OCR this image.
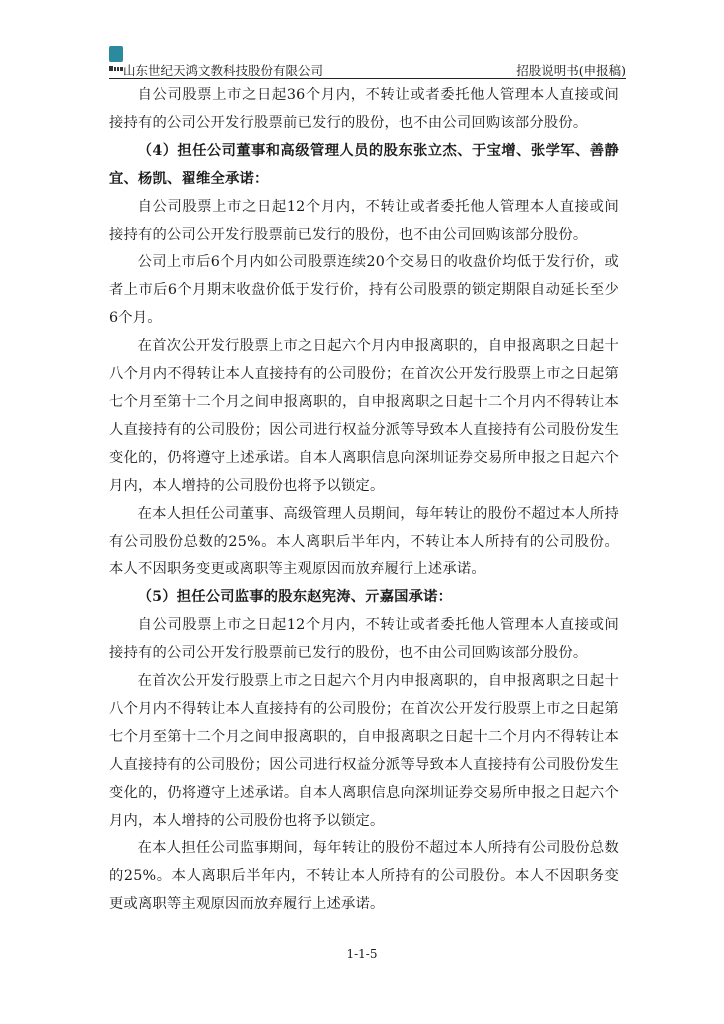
山东世纪天鸿文教科技股份有限公司	招股说明书(申报稿)

自公司股票上市之日起36个月内，不转让或者委托他人管理本人直接或间接持有的公司公开发行股票前已发行的股份，也不由公司回购该部分股份。

（4）担任公司董事和高级管理人员的股东张立杰、于宝增、张学军、善静宜、杨凯、翟维全承诺：

自公司股票上市之日起12个月内，不转让或者委托他人管理本人直接或间接持有的公司公开发行股票前已发行的股份，也不由公司回购该部分股份。

公司上市后6个月内如公司股票连续20个交易日的收盘价均低于发行价，或者上市后6个月期末收盘价低于发行价，持有公司股票的锁定期限自动延长至少6个月。

在首次公开发行股票上市之日起六个月内申报离职的，自申报离职之日起十八个月内不得转让本人直接持有的公司股份；在首次公开发行股票上市之日起第七个月至第十二个月之间申报离职的，自申报离职之日起十二个月内不得转让本人直接持有的公司股份；因公司进行权益分派等导致本人直接持有公司股份发生变化的，仍将遵守上述承诺。自本人离职信息向深圳证券交易所申报之日起六个月内，本人增持的公司股份也将予以锁定。

在本人担任公司董事、高级管理人员期间，每年转让的股份不超过本人所持有公司股份总数的25%。本人离职后半年内，不转让本人所持有的公司股份。本人不因职务变更或离职等主观原因而放弃履行上述承诺。

（5）担任公司监事的股东赵宪涛、亓嘉国承诺：

自公司股票上市之日起12个月内，不转让或者委托他人管理本人直接或间接持有的公司公开发行股票前已发行的股份，也不由公司回购该部分股份。

在首次公开发行股票上市之日起六个月内申报离职的，自申报离职之日起十八个月内不得转让本人直接持有的公司股份；在首次公开发行股票上市之日起第七个月至第十二个月之间申报离职的，自申报离职之日起十二个月内不得转让本人直接持有的公司股份；因公司进行权益分派等导致本人直接持有公司股份发生变化的，仍将遵守上述承诺。自本人离职信息向深圳证券交易所申报之日起六个月内，本人增持的公司股份也将予以锁定。

在本人担任公司监事期间，每年转让的股份不超过本人所持有公司股份总数的25%。本人离职后半年内，不转让本人所持有的公司股份。本人不因职务变更或离职等主观原因而放弃履行上述承诺。

1-1-5
